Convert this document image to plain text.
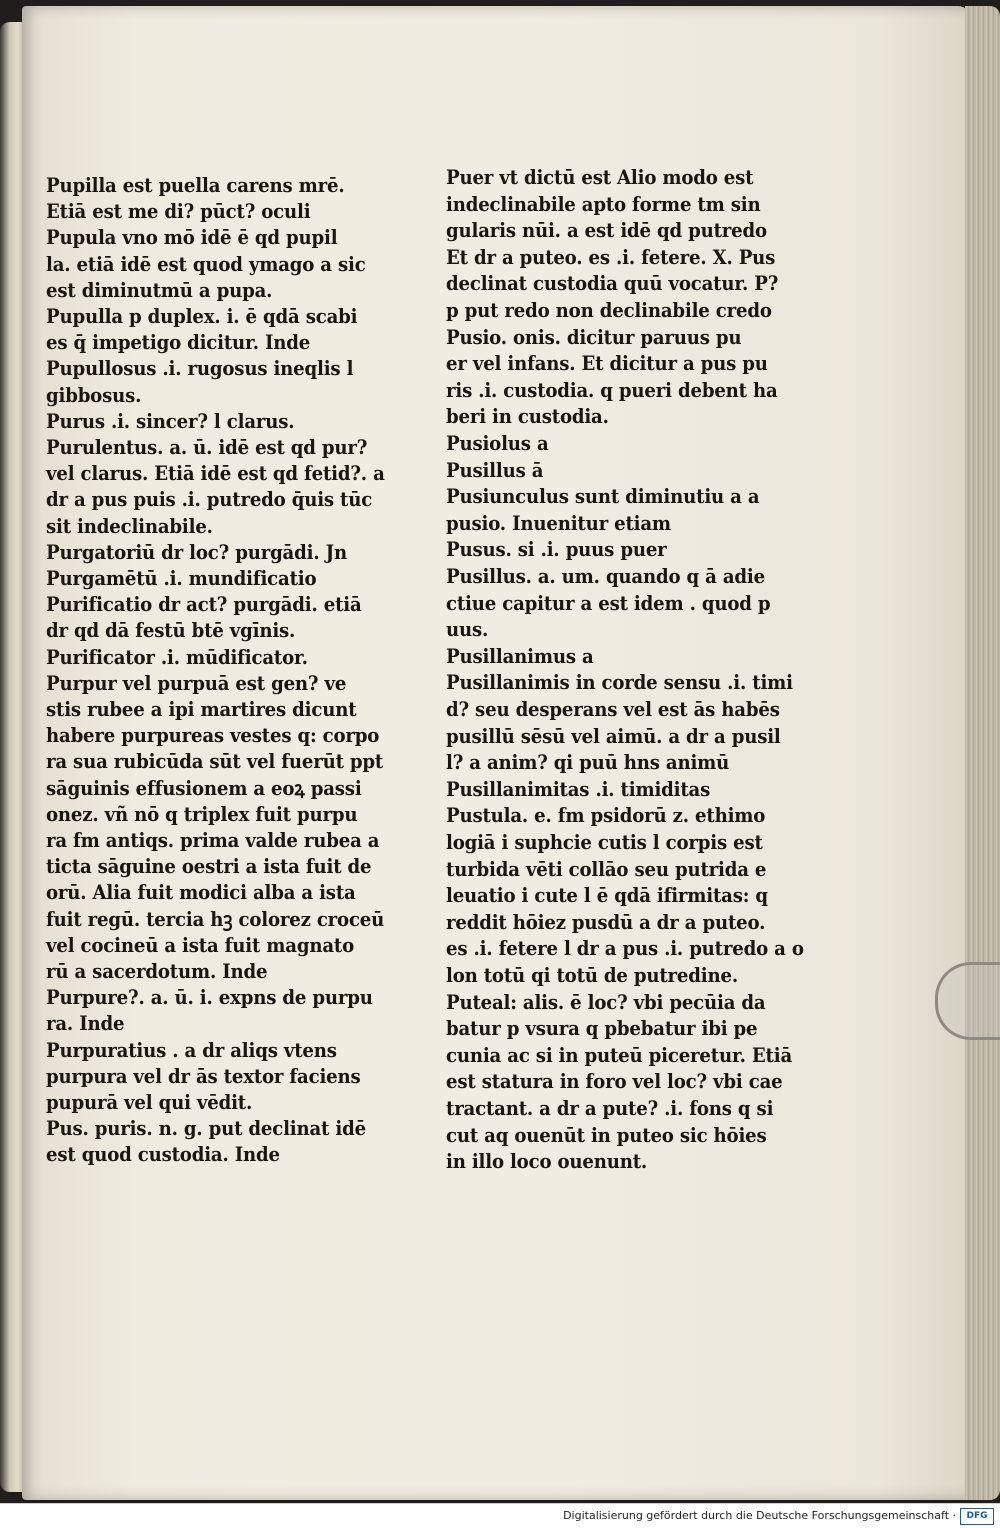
Pupilla est puella carens mrē.
Etiā est me di? pūct? oculi
Pupula vno mō idē ē qd pupil
la. etiā idē est quod ymago a sic
est diminutmū a pupa.
Pupulla p duplex. i. ē qdā scabi
es q̄ impetigo dicitur. Inde
Pupullosus .i. rugosus ineqlis l
gibbosus.
Purus .i. sincer? l clarus.
Purulentus. a. ū. idē est qd pur?
vel clarus. Etiā idē est qd fetid?. a
dr a pus puis .i. putredo q̄uis tūc
sit indeclinabile.
Purgatoriū dr loc? purgādi. Jn
Purgamētū .i. mundificatio
Purificatio dr act? purgādi. etiā
dr qd dā festū btē vgīnis.
Purificator .i. mūdificator.
Purpur vel purpuā est gen? ve
stis rubee a ipi martires dicunt
habere purpureas vestes q: corpo
ra sua rubicūda sūt vel fuerūt ppt
sāguinis effusionem a eoꝝ passi
onez. vñ nō q triplex fuit purpu
ra fm antiqs. prima valde rubea a
ticta sāguine oestri a ista fuit de
orū. Alia fuit modici alba a ista
fuit regū. tercia hꝫ colorez croceū
vel cocineū a ista fuit magnato
rū a sacerdotum. Inde
Purpure?. a. ū. i. expns de purpu
ra. Inde
Purpuratius . a dr aliqs vtens
purpura vel dr ās textor faciens
pupurā vel qui vēdit.
Pus. puris. n. g. put declinat idē
est quod custodia. Inde
Puer vt dictū est Alio modo est
indeclinabile apto forme tm sin
gularis nūi. a est idē qd putredo
Et dr a puteo. es .i. fetere. X. Pus
declinat custodia quū vocatur. P?
p put redo non declinabile credo
Pusio. onis. dicitur paruus pu
er vel infans. Et dicitur a pus pu
ris .i. custodia. q pueri debent ha
beri in custodia.
Pusiolus a
Pusillus ā
Pusiunculus sunt diminutiu a a
pusio. Inuenitur etiam
Pusus. si .i. puus puer
Pusillus. a. um. quando q ā adie
ctiue capitur a est idem . quod p
uus.
Pusillanimus a
Pusillanimis in corde sensu .i. timi
d? seu desperans vel est ās habēs
pusillū sēsū vel aimū. a dr a pusil
l? a anim? qi puū hns animū
Pusillanimitas .i. timiditas
Pustula. e. fm psidorū z. ethimo
logiā i suphcie cutis l corpis est
turbida vēti collāo seu putrida e
leuatio i cute l ē qdā ifirmitas: q
reddit hōiez pusdū a dr a puteo.
es .i. fetere l dr a pus .i. putredo a o
lon totū qi totū de putredine.
Puteal: alis. ē loc? vbi pecūia da
batur p vsura q pbebatur ibi pe
cunia ac si in puteū piceretur. Etiā
est statura in foro vel loc? vbi cae
tractant. a dr a pute? .i. fons q si
cut aq ouenūt in puteo sic hōies
in illo loco ouenunt.
Digitalisierung gefördert durch die Deutsche Forschungsgemeinschaft ·	DFG
